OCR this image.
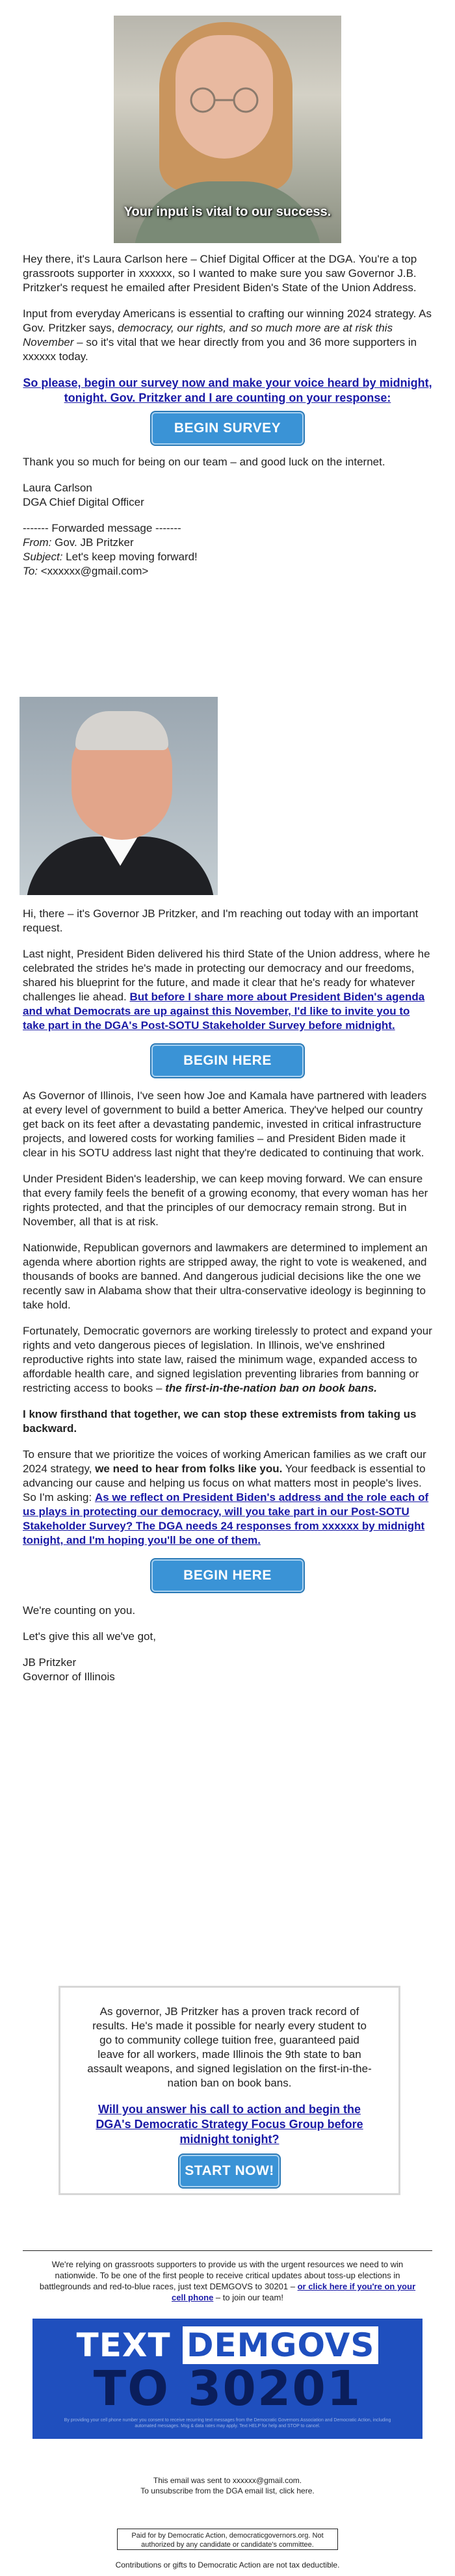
Your input is vital to our success.

Hey there, it's Laura Carlson here – Chief Digital Officer at the DGA. You're a top grassroots supporter in xxxxxx, so I wanted to make sure you saw Governor J.B. Pritzker's request he emailed after President Biden's State of the Union Address.

Input from everyday Americans is essential to crafting our winning 2024 strategy. As Gov. Pritzker says, democracy, our rights, and so much more are at risk this November – so it's vital that we hear directly from you and 36 more supporters in xxxxxx today.

So please, begin our survey now and make your voice heard by midnight, tonight. Gov. Pritzker and I are counting on your response:
BEGIN SURVEY

Thank you so much for being on our team – and good luck on the internet.

Laura Carlson
DGA Chief Digital Officer

------- Forwarded message -------
From: Gov. JB Pritzker
Subject: Let's keep moving forward!
To: <xxxxxx@gmail.com>

Hi, there – it's Governor JB Pritzker, and I'm reaching out today with an important request.

Last night, President Biden delivered his third State of the Union address, where he celebrated the strides he's made in protecting our democracy and our freedoms, shared his blueprint for the future, and made it clear that he's ready for whatever challenges lie ahead. But before I share more about President Biden's agenda and what Democrats are up against this November, I'd like to invite you to take part in the DGA's Post-SOTU Stakeholder Survey before midnight.

BEGIN HERE

As Governor of Illinois, I've seen how Joe and Kamala have partnered with leaders at every level of government to build a better America. They've helped our country get back on its feet after a devastating pandemic, invested in critical infrastructure projects, and lowered costs for working families – and President Biden made it clear in his SOTU address last night that they're dedicated to continuing that work.

Under President Biden's leadership, we can keep moving forward. We can ensure that every family feels the benefit of a growing economy, that every woman has her rights protected, and that the principles of our democracy remain strong. But in November, all that is at risk.

Nationwide, Republican governors and lawmakers are determined to implement an agenda where abortion rights are stripped away, the right to vote is weakened, and thousands of books are banned. And dangerous judicial decisions like the one we recently saw in Alabama show that their ultra-conservative ideology is beginning to take hold.

Fortunately, Democratic governors are working tirelessly to protect and expand your rights and veto dangerous pieces of legislation. In Illinois, we've enshrined reproductive rights into state law, raised the minimum wage, expanded access to affordable health care, and signed legislation preventing libraries from banning or restricting access to books – the first-in-the-nation ban on book bans.

I know firsthand that together, we can stop these extremists from taking us backward.

To ensure that we prioritize the voices of working American families as we craft our 2024 strategy, we need to hear from folks like you. Your feedback is essential to advancing our cause and helping us focus on what matters most in people's lives. So I'm asking: As we reflect on President Biden's address and the role each of us plays in protecting our democracy, will you take part in our Post-SOTU Stakeholder Survey? The DGA needs 24 responses from xxxxxx by midnight tonight, and I'm hoping you'll be one of them.

BEGIN HERE

We're counting on you.

Let's give this all we've got,

JB Pritzker
Governor of Illinois

As governor, JB Pritzker has a proven track record of results. He's made it possible for nearly every student to go to community college tuition free, guaranteed paid leave for all workers, made Illinois the 9th state to ban assault weapons, and signed legislation on the first-in-the-nation ban on book bans.

Will you answer his call to action and begin the DGA's Democratic Strategy Focus Group before midnight tonight?
START NOW!

We're relying on grassroots supporters to provide us with the urgent resources we need to win nationwide. To be one of the first people to receive critical updates about toss-up elections in battlegrounds and red-to-blue races, just text DEMGOVS to 30201 – or click here if you're on your cell phone – to join our team!

TEXT DEMGOVS
TO 30201
By providing your cell phone number you consent to receive recurring text messages from the Democratic Governors Association and Democratic Action, including automated messages. Msg & data rates may apply. Text HELP for help and STOP to cancel.
This email was sent to xxxxxx@gmail.com.
To unsubscribe from the DGA email list, click here.
Paid for by Democratic Action, democraticgovernors.org. Not authorized by any candidate or candidate's committee.
Contributions or gifts to Democratic Action are not tax deductible.
